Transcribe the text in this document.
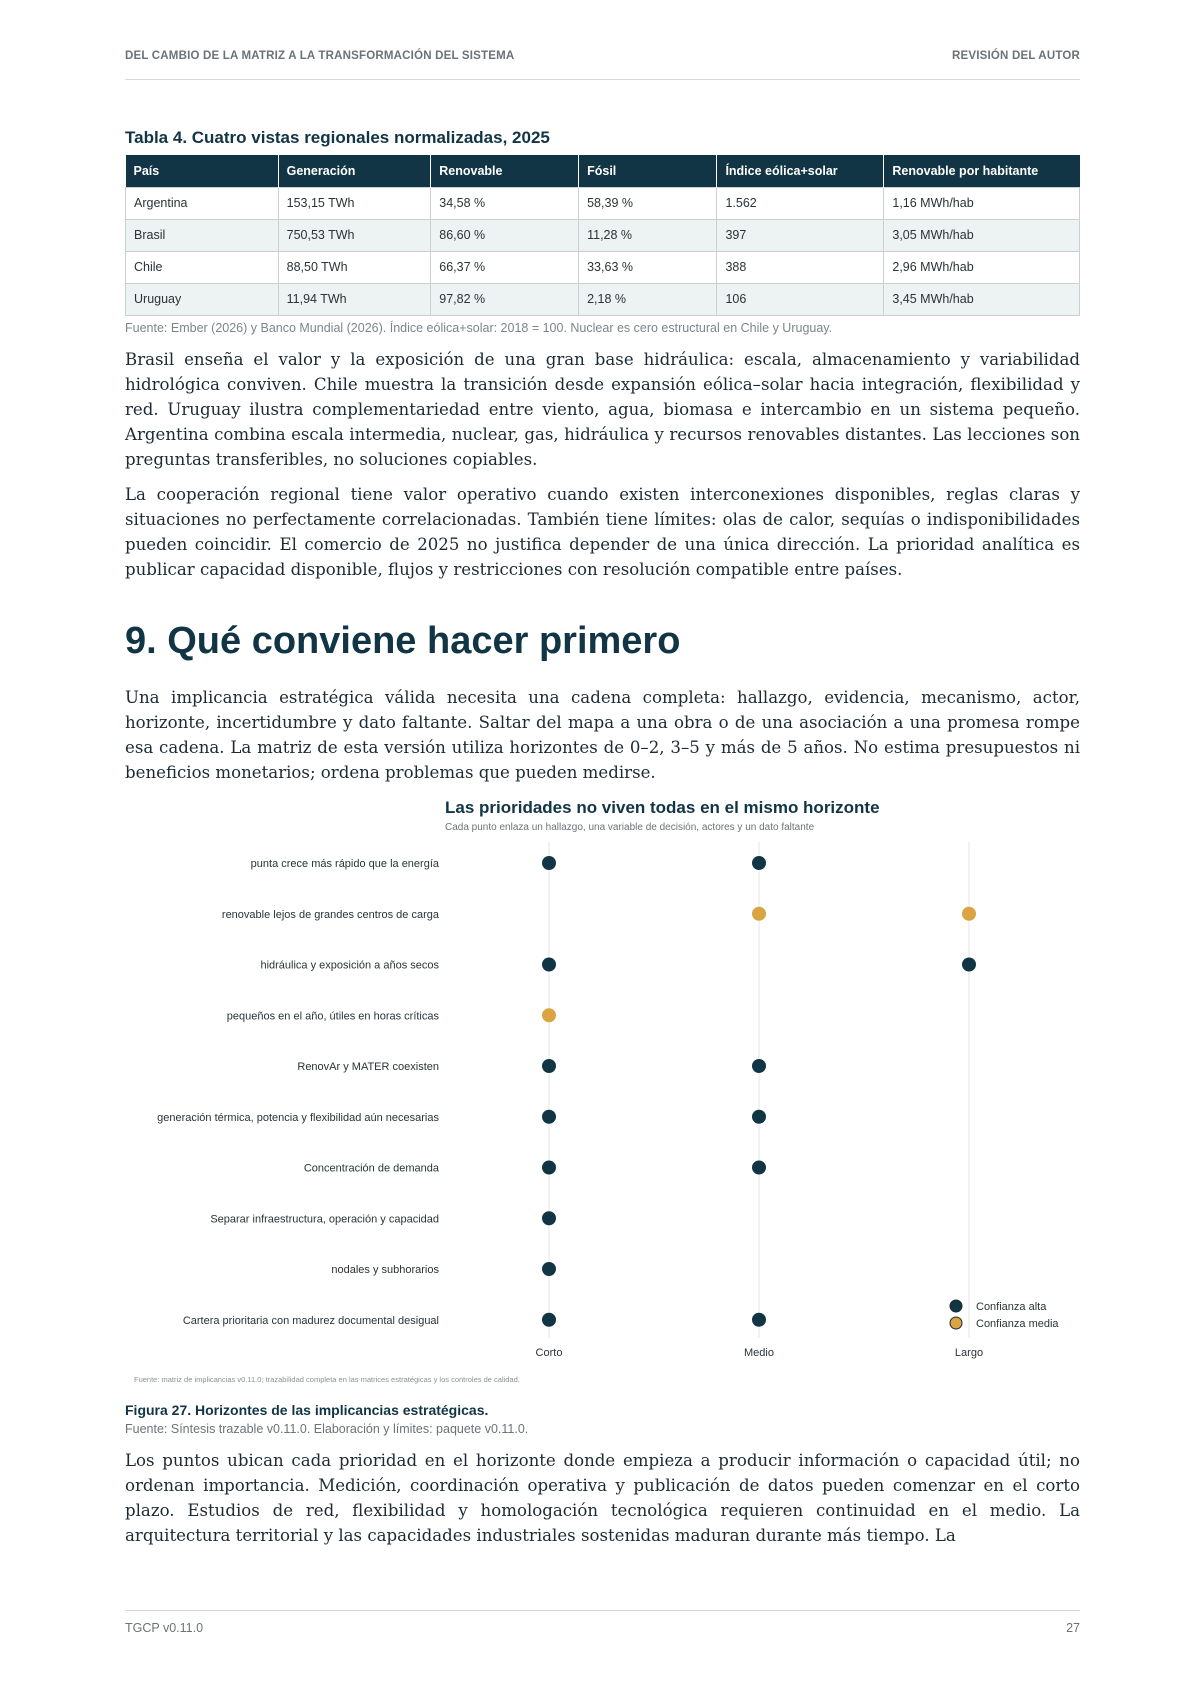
DEL CAMBIO DE LA MATRIZ A LA TRANSFORMACIÓN DEL SISTEMA	REVISIÓN DEL AUTOR
Tabla 4. Cuatro vistas regionales normalizadas, 2025
País	Generación	Renovable	Fósil	Índice eólica+solar	Renovable por habitante
Argentina	153,15 TWh	34,58 %	58,39 %	1.562	1,16 MWh/hab
Brasil	750,53 TWh	86,60 %	11,28 %	397	3,05 MWh/hab
Chile	88,50 TWh	66,37 %	33,63 %	388	2,96 MWh/hab
Uruguay	11,94 TWh	97,82 %	2,18 %	106	3,45 MWh/hab
Fuente: Ember (2026) y Banco Mundial (2026). Índice eólica+solar: 2018 = 100. Nuclear es cero estructural en Chile y Uruguay.

Brasil enseña el valor y la exposición de una gran base hidráulica: escala, almacenamiento y variabilidad hidrológica conviven. Chile muestra la transición desde expansión eólica–solar hacia integración, flexibilidad y red. Uruguay ilustra complementariedad entre viento, agua, biomasa e intercambio en un sistema pequeño. Argentina combina escala intermedia, nuclear, gas, hidráulica y recursos renovables distantes. Las lecciones son preguntas transferibles, no soluciones copiables.

La cooperación regional tiene valor operativo cuando existen interconexiones disponibles, reglas claras y situaciones no perfectamente correlacionadas. También tiene límites: olas de calor, sequías o indisponibilidades pueden coincidir. El comercio de 2025 no justifica depender de una única dirección. La prioridad analítica es publicar capacidad disponible, flujos y restricciones con resolución compatible entre países.

9. Qué conviene hacer primero

Una implicancia estratégica válida necesita una cadena completa: hallazgo, evidencia, mecanismo, actor, horizonte, incertidumbre y dato faltante. Saltar del mapa a una obra o de una asociación a una promesa rompe esa cadena. La matriz de esta versión utiliza horizontes de 0–2, 3–5 y más de 5 años. No estima presupuestos ni beneficios monetarios; ordena problemas que pueden medirse.

Las prioridades no viven todas en el mismo horizonte
Cada punto enlaza un hallazgo, una variable de decisión, actores y un dato faltante
punta crece más rápido que la energía
renovable lejos de grandes centros de carga
hidráulica y exposición a años secos
pequeños en el año, útiles en horas críticas
RenovAr y MATER coexisten
generación térmica, potencia y flexibilidad aún necesarias
Concentración de demanda
Separar infraestructura, operación y capacidad
nodales y subhorarios
Cartera prioritaria con madurez documental desigual
Corto	Medio	Largo
Confianza alta
Confianza media
Fuente: matriz de implicancias v0.11.0; trazabilidad completa en las matrices estratégicas y los controles de calidad.
Figura 27. Horizontes de las implicancias estratégicas.
Fuente: Síntesis trazable v0.11.0. Elaboración y límites: paquete v0.11.0.

Los puntos ubican cada prioridad en el horizonte donde empieza a producir información o capacidad útil; no ordenan importancia. Medición, coordinación operativa y publicación de datos pueden comenzar en el corto plazo. Estudios de red, flexibilidad y homologación tecnológica requieren continuidad en el medio. La arquitectura territorial y las capacidades industriales sostenidas maduran durante más tiempo. La

TGCP v0.11.0	27
